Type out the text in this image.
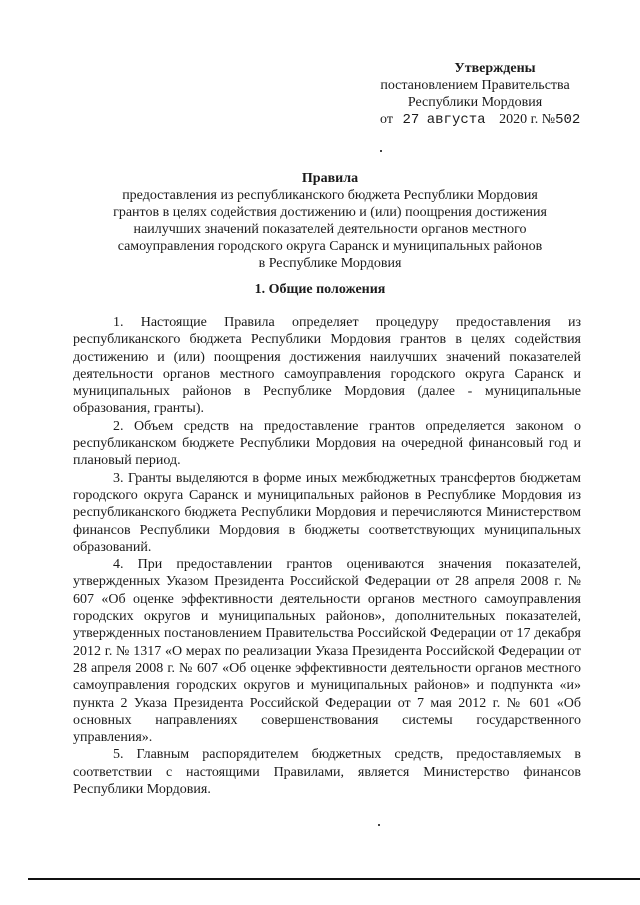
Утверждены
постановлением Правительства
Республики Мордовия
от 27 августа 2020 г. №502
Правила
предоставления из республиканского бюджета Республики Мордовия
грантов в целях содействия достижению и (или) поощрения достижения
наилучших значений показателей деятельности органов местного
самоуправления городского округа Саранск и муниципальных районов
в Республике Мордовия
1. Общие положения

1. Настоящие Правила определяет процедуру предоставления из республиканского бюджета Республики Мордовия грантов в целях содействия достижению и (или) поощрения достижения наилучших значений показателей деятельности органов местного самоуправления городского округа Саранск и муниципальных районов в Республике Мордовия (далее - муниципальные образования, гранты).

2. Объем средств на предоставление грантов определяется законом о республиканском бюджете Республики Мордовия на очередной финансовый год и плановый период.

3. Гранты выделяются в форме иных межбюджетных трансфертов бюджетам городского округа Саранск и муниципальных районов в Республике Мордовия из республиканского бюджета Республики Мордовия и перечисляются Министерством финансов Республики Мордовия в бюджеты соответствующих муниципальных образований.

4. При предоставлении грантов оцениваются значения показателей, утвержденных Указом Президента Российской Федерации от 28 апреля 2008 г. № 607 «Об оценке эффективности деятельности органов местного самоуправления городских округов и муниципальных районов», дополнительных показателей, утвержденных постановлением Правительства Российской Федерации от 17 декабря 2012 г. № 1317 «О мерах по реализации Указа Президента Российской Федерации от 28 апреля 2008 г. № 607 «Об оценке эффективности деятельности органов местного самоуправления городских округов и муниципальных районов» и подпункта «и» пункта 2 Указа Президента Российской Федерации от 7 мая 2012 г. № 601 «Об основных направлениях совершенствования системы государственного управления».

5. Главным распорядителем бюджетных средств, предоставляемых в соответствии с настоящими Правилами, является Министерство финансов Республики Мордовия.
